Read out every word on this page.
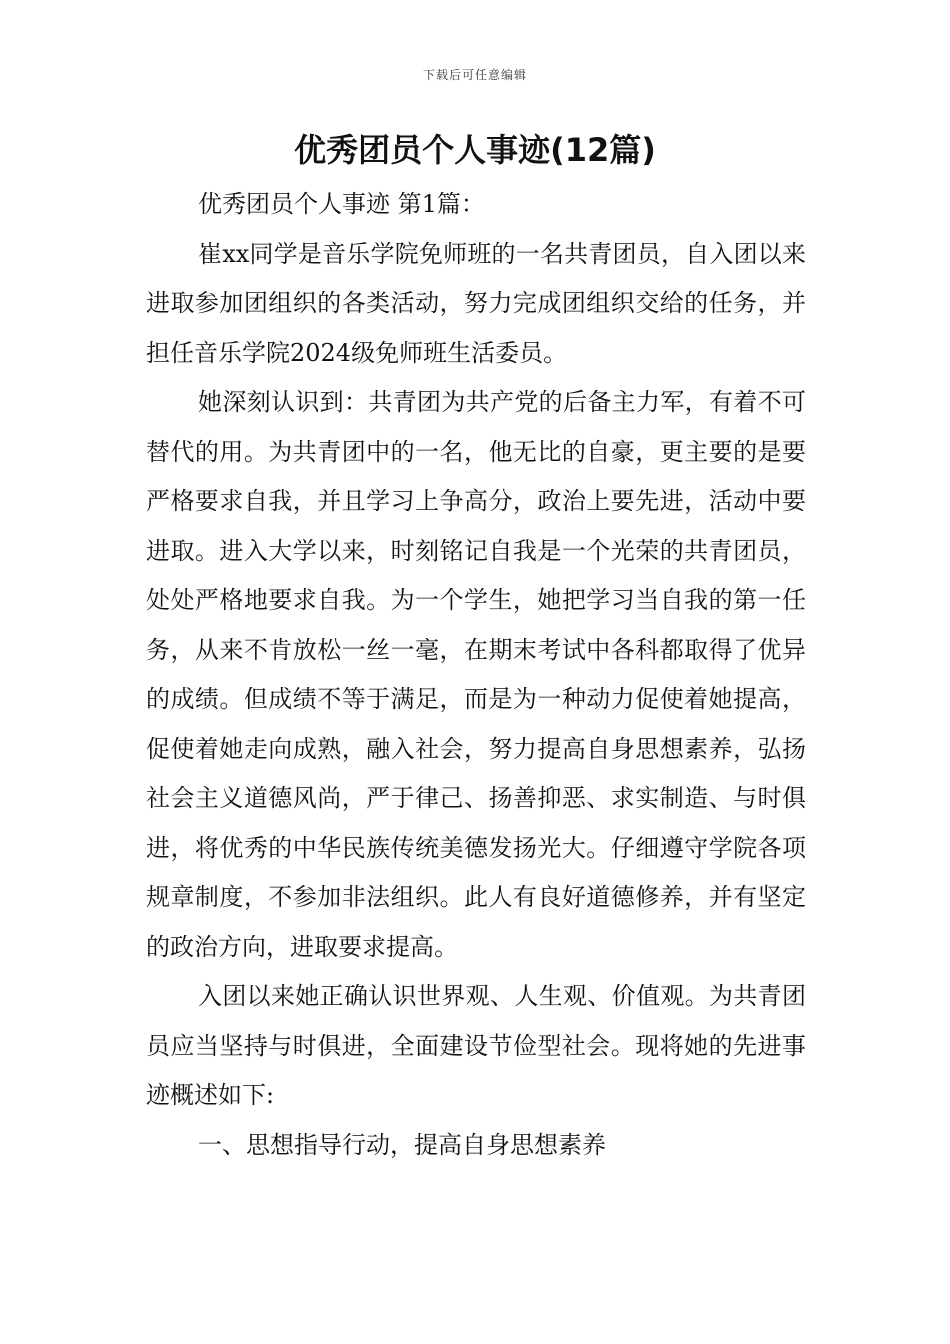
下载后可任意编辑
优秀团员个人事迹(12篇)

优秀团员个人事迹 第1篇：

崔xx同学是音乐学院免师班的一名共青团员，自入团以来进取参加团组织的各类活动，努力完成团组织交给的任务，并担任音乐学院2024级免师班生活委员。

她深刻认识到：共青团为共产党的后备主力军，有着不可替代的用。为共青团中的一名，他无比的自豪，更主要的是要严格要求自我，并且学习上争高分，政治上要先进，活动中要进取。进入大学以来，时刻铭记自我是一个光荣的共青团员，处处严格地要求自我。为一个学生，她把学习当自我的第一任务，从来不肯放松一丝一毫，在期末考试中各科都取得了优异的成绩。但成绩不等于满足，而是为一种动力促使着她提高，促使着她走向成熟，融入社会，努力提高自身思想素养，弘扬社会主义道德风尚，严于律己、扬善抑恶、求实制造、与时俱进，将优秀的中华民族传统美德发扬光大。仔细遵守学院各项规章制度，不参加非法组织。此人有良好道德修养，并有坚定的政治方向，进取要求提高。

入团以来她正确认识世界观、人生观、价值观。为共青团员应当坚持与时俱进，全面建设节俭型社会。现将她的先进事迹概述如下:

一、思想指导行动，提高自身思想素养
